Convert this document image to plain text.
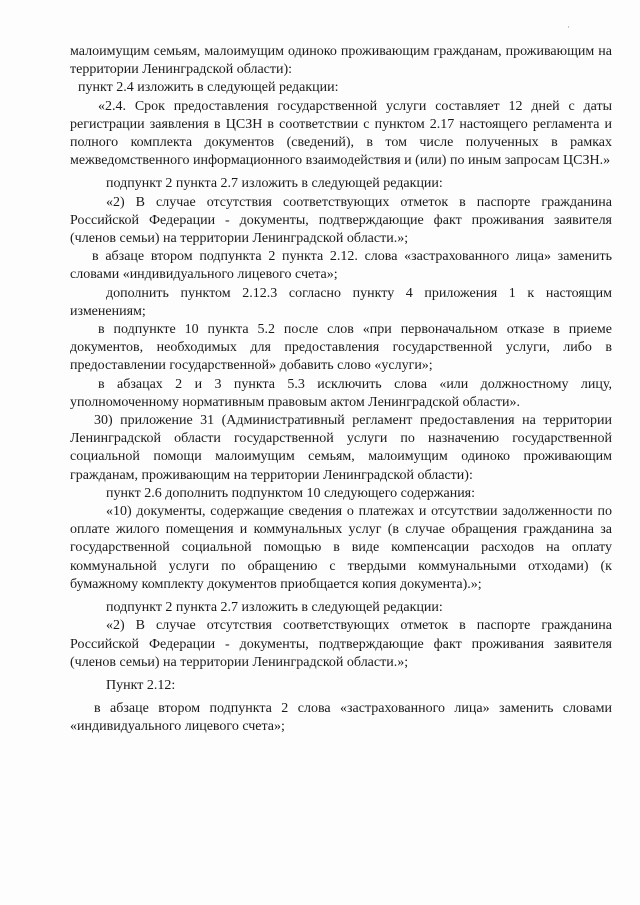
·

малоимущим семьям, малоимущим одиноко проживающим гражданам, проживающим на территории Ленинградской области):

пункт 2.4 изложить в следующей редакции:

«2.4. Срок предоставления государственной услуги составляет 12 дней с даты регистрации заявления в ЦСЗН в соответствии с пунктом 2.17 настоящего регламента и полного комплекта документов (сведений), в том числе полученных в рамках межведомственного информационного взаимодействия и (или) по иным запросам ЦСЗН.»

подпункт 2 пункта 2.7 изложить в следующей редакции:

«2) В случае отсутствия соответствующих отметок в паспорте гражданина Российской Федерации - документы, подтверждающие факт проживания заявителя (членов семьи) на территории Ленинградской области.»;

в абзаце втором подпункта 2 пункта 2.12. слова «застрахованного лица» заменить словами «индивидуального лицевого счета»;

дополнить пунктом 2.12.3 согласно пункту 4 приложения 1 к настоящим изменениям;

в подпункте 10 пункта 5.2 после слов «при первоначальном отказе в приеме документов, необходимых для предоставления государственной услуги, либо в предоставлении государственной» добавить слово «услуги»;

в абзацах 2 и 3 пункта 5.3 исключить слова «или должностному лицу, уполномоченному нормативным правовым актом Ленинградской области».

30) приложение 31 (Административный регламент предоставления на территории Ленинградской области государственной услуги по назначению государственной социальной помощи малоимущим семьям, малоимущим одиноко проживающим гражданам, проживающим на территории Ленинградской области):

пункт 2.6 дополнить подпунктом 10 следующего содержания:

«10) документы, содержащие сведения о платежах и отсутствии задолженности по оплате жилого помещения и коммунальных услуг (в случае обращения гражданина за государственной социальной помощью в виде компенсации расходов на оплату коммунальной услуги по обращению с твердыми коммунальными отходами) (к бумажному комплекту документов приобщается копия документа).»;

подпункт 2 пункта 2.7 изложить в следующей редакции:

«2) В случае отсутствия соответствующих отметок в паспорте гражданина Российской Федерации - документы, подтверждающие факт проживания заявителя (членов семьи) на территории Ленинградской области.»;

Пункт 2.12:

в абзаце втором подпункта 2 слова «застрахованного лица» заменить словами «индивидуального лицевого счета»;
